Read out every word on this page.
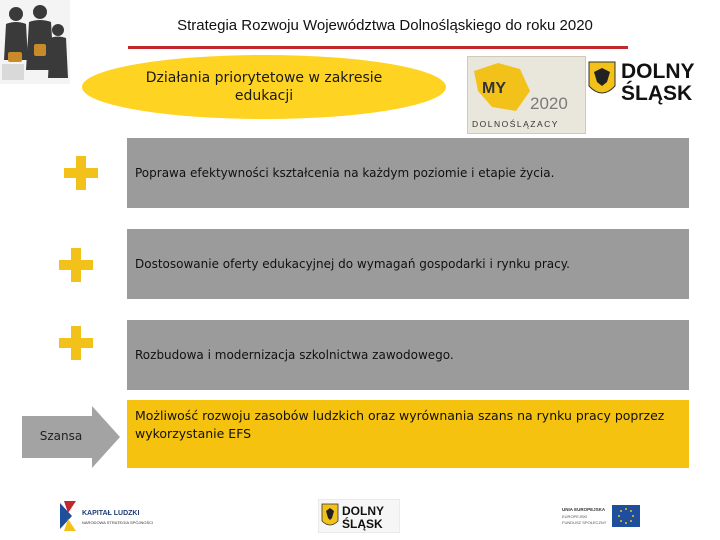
Strategia Rozwoju Województwa Dolnośląskiego do roku 2020
Działania priorytetowe w zakresie edukacji	MY
2020
DOLNOŚLĄZACY
DOLNY
ŚLĄSK
Poprawa efektywności kształcenia na każdym poziomie i etapie życia.
Dostosowanie oferty edukacyjnej do wymagań gospodarki i rynku pracy.
Rozbudowa i modernizacja szkolnictwa zawodowego.
Możliwość rozwoju zasobów ludzkich oraz wyrównania szans na rynku pracy poprzez wykorzystanie EFS
Szansa
KAPITAŁ LUDZKI
NARODOWA STRATEGIA SPÓJNOŚCI
DOLNY
ŚLĄSK
UNIA EUROPEJSKA
EUROPEJSKI
FUNDUSZ SPOŁECZNY
